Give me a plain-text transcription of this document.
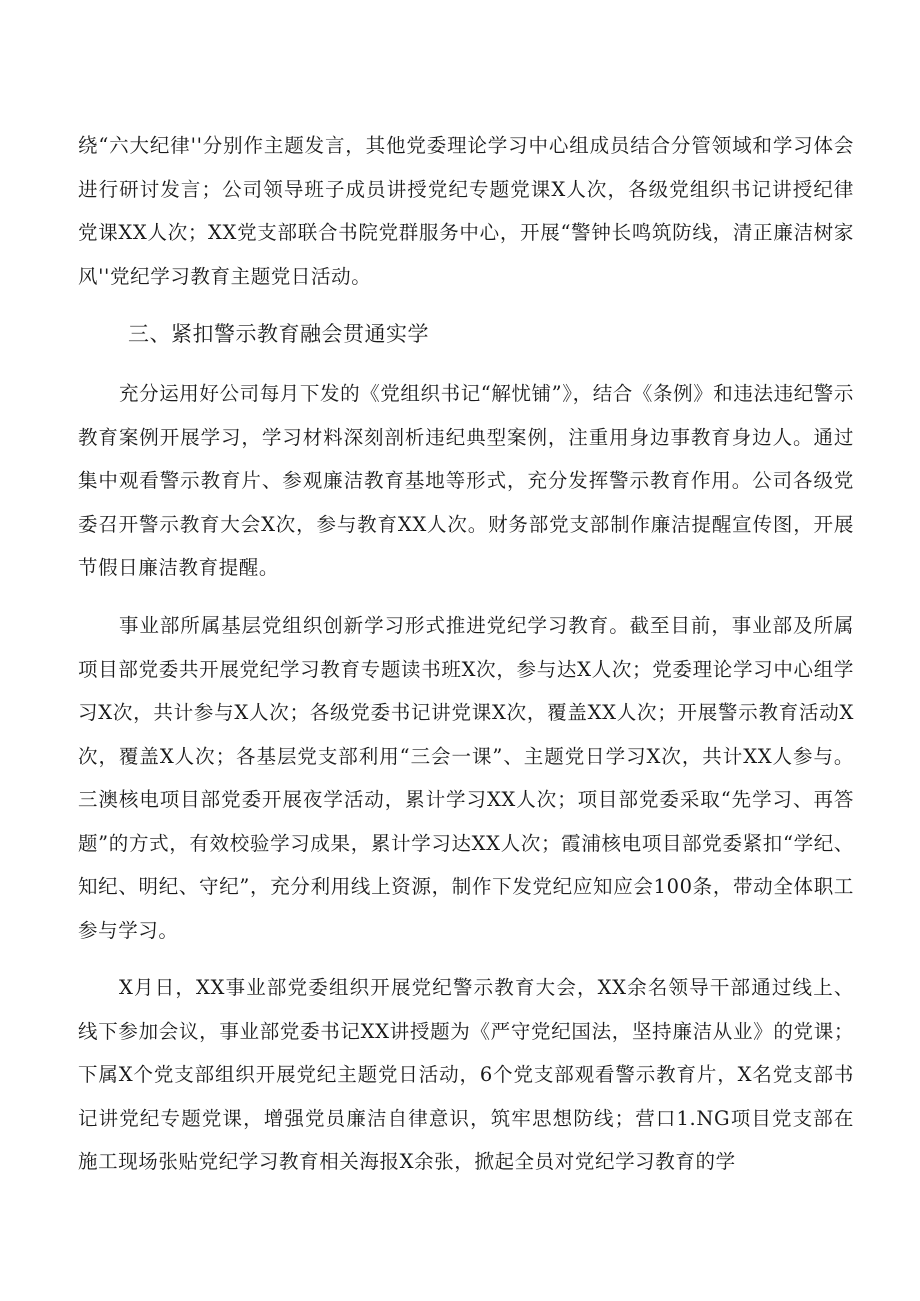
绕“六大纪律''分别作主题发言，其他党委理论学习中心组成员结合分管领域和学习体会进行研讨发言；公司领导班子成员讲授党纪专题党课X人次，各级党组织书记讲授纪律党课XX人次；XX党支部联合书院党群服务中心，开展“警钟长鸣筑防线，清正廉洁树家风''党纪学习教育主题党日活动。

三、紧扣警示教育融会贯通实学

充分运用好公司每月下发的《党组织书记“解忧铺”》，结合《条例》和违法违纪警示教育案例开展学习，学习材料深刻剖析违纪典型案例，注重用身边事教育身边人。通过集中观看警示教育片、参观廉洁教育基地等形式，充分发挥警示教育作用。公司各级党委召开警示教育大会X次，参与教育XX人次。财务部党支部制作廉洁提醒宣传图，开展节假日廉洁教育提醒。

事业部所属基层党组织创新学习形式推进党纪学习教育。截至目前，事业部及所属项目部党委共开展党纪学习教育专题读书班X次，参与达X人次；党委理论学习中心组学习X次，共计参与X人次；各级党委书记讲党课X次，覆盖XX人次；开展警示教育活动X次，覆盖X人次；各基层党支部利用“三会一课”、主题党日学习X次，共计XX人参与。三澳核电项目部党委开展夜学活动，累计学习XX人次；项目部党委采取“先学习、再答题”的方式，有效校验学习成果，累计学习达XX人次；霞浦核电项目部党委紧扣“学纪、知纪、明纪、守纪”，充分利用线上资源，制作下发党纪应知应会100条，带动全体职工参与学习。

X月日，XX事业部党委组织开展党纪警示教育大会，XX余名领导干部通过线上、线下参加会议，事业部党委书记XX讲授题为《严守党纪国法，坚持廉洁从业》的党课；下属X个党支部组织开展党纪主题党日活动，6个党支部观看警示教育片，X名党支部书记讲党纪专题党课，增强党员廉洁自律意识，筑牢思想防线；营口1.NG项目党支部在施工现场张贴党纪学习教育相关海报X余张，掀起全员对党纪学习教育的学
